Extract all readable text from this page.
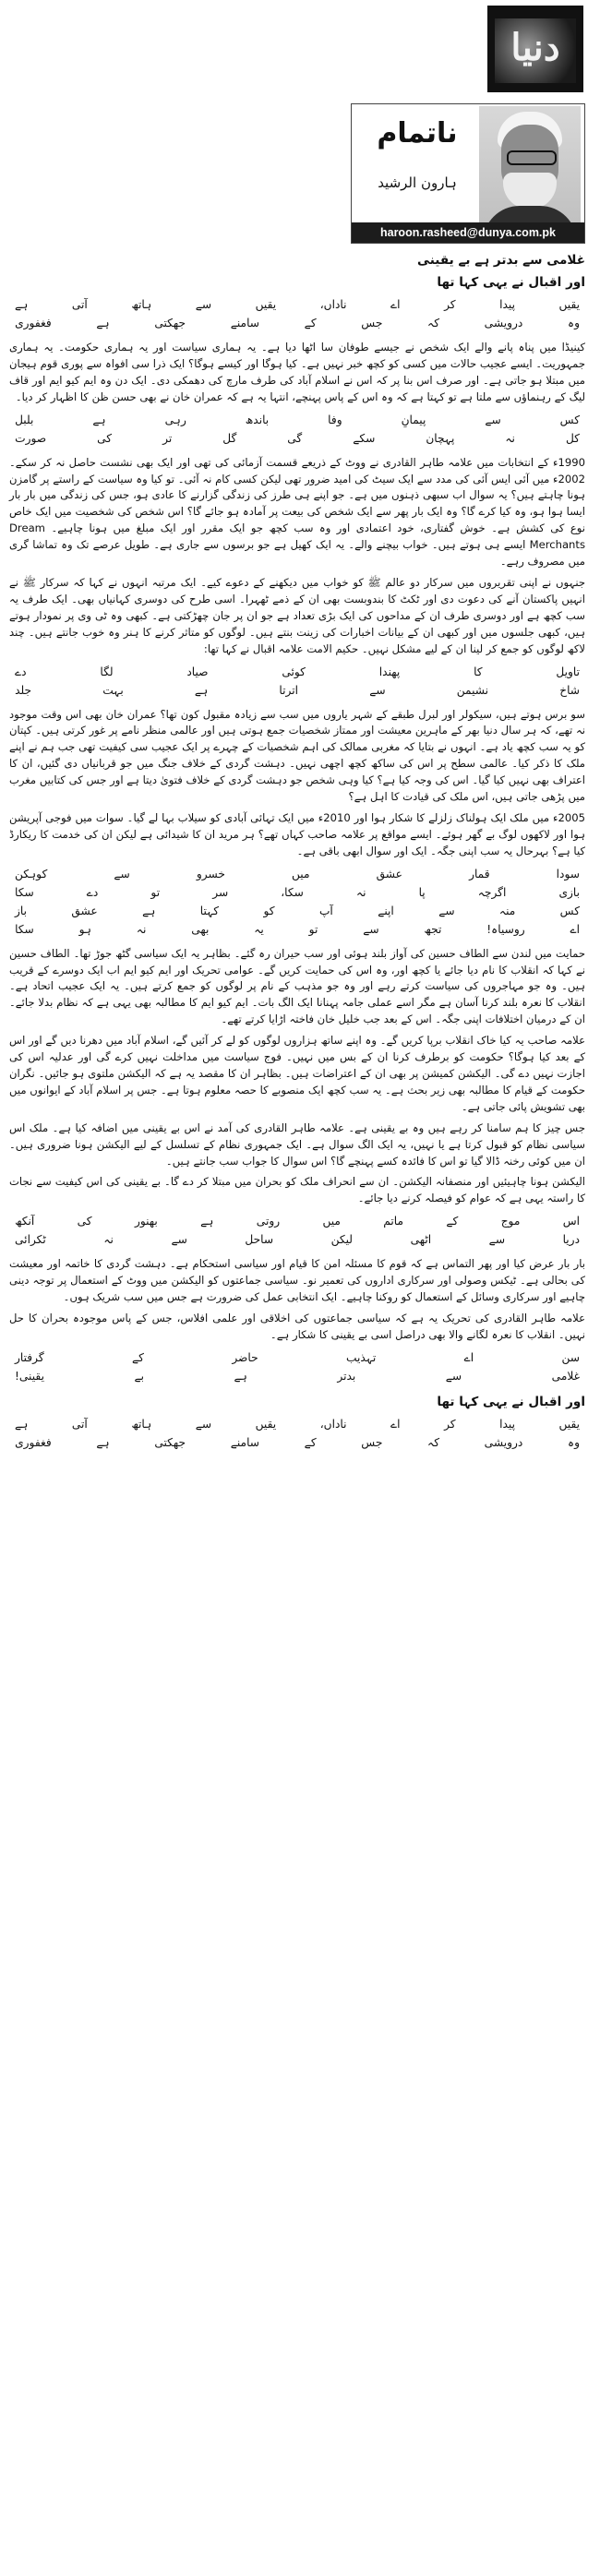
دنیا
ناتمام
ہارون الرشید
haroon.rasheed@dunya.com.pk
غلامی سے بدتر ہے بے یقینی
اور اقبال نے یہی کہا تھا
یقیں
پیدا
کر
اے
ناداں،
یقیں
سے
ہاتھ
آتی
ہے
وہ
درویشی
کہ
جس
کے
سامنے
جھکتی
ہے
فغفوری

کینیڈا میں پناہ پانے والے ایک شخص نے جیسے طوفان سا اٹھا دیا ہے۔ یہ ہماری سیاست اور یہ ہماری حکومت۔ یہ ہماری جمہوریت۔ ایسے عجیب حالات میں کسی کو کچھ خبر نہیں ہے۔ کیا ہوگا اور کیسے ہوگا؟ ایک ذرا سی افواہ سے پوری قوم ہیجان میں مبتلا ہو جاتی ہے۔ اور صرف اس بنا پر کہ اس نے اسلام آباد کی طرف مارچ کی دھمکی دی۔ ایک دن وہ ایم کیو ایم اور قاف لیگ کے رہنماؤں سے ملتا ہے تو کہتا ہے کہ وہ اس کے پاس پہنچے، انتہا یہ ہے کہ عمران خان نے بھی حسن ظن کا اظہار کر دیا۔

کس
سے
پیمانِ
وفا
باندھ
رہی
ہے
بلبل
کل
نہ
پہچان
سکے
گی
گل
تر
کی
صورت

1990ء کے انتخابات میں علامہ طاہر القادری نے ووٹ کے ذریعے قسمت آزمائی کی تھی اور ایک بھی نشست حاصل نہ کر سکے۔ 2002ء میں آئی ایس آئی کی مدد سے ایک سیٹ کی امید ضرور تھی لیکن کسی کام نہ آئی۔ تو کیا وہ سیاست کے راستے پر گامزن ہونا چاہتے ہیں؟ یہ سوال اب سبھی ذہنوں میں ہے۔ جو اپنے ہی طرز کی زندگی گزارنے کا عادی ہو، جس کی زندگی میں بار بار ایسا ہوا ہو، وہ کیا کرے گا؟ وہ ایک بار پھر سے ایک شخص کی بیعت پر آمادہ ہو جائے گا؟ اس شخص کی شخصیت میں ایک خاص نوع کی کشش ہے۔ خوش گفتاری، خود اعتمادی اور وہ سب کچھ جو ایک مقرر اور ایک مبلغ میں ہونا چاہیے۔ Dream Merchants ایسے ہی ہوتے ہیں۔ خواب بیچنے والے۔ یہ ایک کھیل ہے جو برسوں سے جاری ہے۔ طویل عرصے تک وہ تماشا گری میں مصروف رہے۔

جنہوں نے اپنی تقریروں میں سرکار دو عالم ﷺ کو خواب میں دیکھنے کے دعوے کیے۔ ایک مرتبہ انہوں نے کہا کہ سرکار ﷺ نے انہیں پاکستان آنے کی دعوت دی اور ٹکٹ کا بندوبست بھی ان کے ذمے ٹھہرا۔ اسی طرح کی دوسری کہانیاں بھی۔ ایک طرف یہ سب کچھ ہے اور دوسری طرف ان کے مداحوں کی ایک بڑی تعداد ہے جو ان پر جان چھڑکتی ہے۔ کبھی وہ ٹی وی پر نمودار ہوتے ہیں، کبھی جلسوں میں اور کبھی ان کے بیانات اخبارات کی زینت بنتے ہیں۔ لوگوں کو متاثر کرنے کا ہنر وہ خوب جانتے ہیں۔ چند لاکھ لوگوں کو جمع کر لینا ان کے لیے مشکل نہیں۔ حکیم الامت علامہ اقبال نے کہا تھا:

تاویل
کا
پھندا
کوئی
صیاد
لگا
دے
شاخ
نشیمن
سے
اترتا
ہے
بہت
جلد

سو برس ہوتے ہیں، سیکولر اور لبرل طبقے کے شہر یاروں میں سب سے زیادہ مقبول کون تھا؟ عمران خان بھی اس وقت موجود نہ تھے، کہ ہر سال دنیا بھر کے ماہرین معیشت اور ممتاز شخصیات جمع ہوتی ہیں اور عالمی منظر نامے پر غور کرتی ہیں۔ کپتان کو یہ سب کچھ یاد ہے۔ انہوں نے بتایا کہ مغربی ممالک کی اہم شخصیات کے چہرے پر ایک عجیب سی کیفیت تھی جب ہم نے اپنے ملک کا ذکر کیا۔ عالمی سطح پر اس کی ساکھ کچھ اچھی نہیں۔ دہشت گردی کے خلاف جنگ میں جو قربانیاں دی گئیں، ان کا اعتراف بھی نہیں کیا گیا۔ اس کی وجہ کیا ہے؟ کیا وہی شخص جو دہشت گردی کے خلاف فتویٰ دیتا ہے اور جس کی کتابیں مغرب میں پڑھی جاتی ہیں، اس ملک کی قیادت کا اہل ہے؟

2005ء میں ملک ایک ہولناک زلزلے کا شکار ہوا اور 2010ء میں ایک تہائی آبادی کو سیلاب بہا لے گیا۔ سوات میں فوجی آپریشن ہوا اور لاکھوں لوگ بے گھر ہوئے۔ ایسے مواقع پر علامہ صاحب کہاں تھے؟ ہر مرید ان کا شیدائی ہے لیکن ان کی خدمت کا ریکارڈ کیا ہے؟ بہرحال یہ سب اپنی جگہ۔ ایک اور سوال ابھی باقی ہے۔

سودا
قمار
عشق
میں
خسرو
سے
کوہکن
بازی
اگرچہ
پا
نہ
سکا،
سر
تو
دے
سکا
کس
منہ
سے
اپنے
آپ
کو
کہتا
ہے
عشق
باز
اے
روسیاہ!
تجھ
سے
تو
یہ
بھی
نہ
ہو
سکا

حمایت میں لندن سے الطاف حسین کی آواز بلند ہوئی اور سب حیران رہ گئے۔ بظاہر یہ ایک سیاسی گٹھ جوڑ تھا۔ الطاف حسین نے کہا کہ انقلاب کا نام دیا جائے یا کچھ اور، وہ اس کی حمایت کریں گے۔ عوامی تحریک اور ایم کیو ایم اب ایک دوسرے کے قریب ہیں۔ وہ جو مہاجروں کی سیاست کرتے رہے اور وہ جو مذہب کے نام پر لوگوں کو جمع کرتے ہیں۔ یہ ایک عجیب اتحاد ہے۔ انقلاب کا نعرہ بلند کرنا آسان ہے مگر اسے عملی جامہ پہنانا ایک الگ بات۔ ایم کیو ایم کا مطالبہ بھی یہی ہے کہ نظام بدلا جائے۔ ان کے درمیان اختلافات اپنی جگہ۔ اس کے بعد جب خلیل خان فاختہ اڑایا کرتے تھے۔

علامہ صاحب یہ کیا خاک انقلاب برپا کریں گے۔ وہ اپنے ساتھ ہزاروں لوگوں کو لے کر آئیں گے، اسلام آباد میں دھرنا دیں گے اور اس کے بعد کیا ہوگا؟ حکومت کو برطرف کرنا ان کے بس میں نہیں۔ فوج سیاست میں مداخلت نہیں کرے گی اور عدلیہ اس کی اجازت نہیں دے گی۔ الیکشن کمیشن پر بھی ان کے اعتراضات ہیں۔ بظاہر ان کا مقصد یہ ہے کہ الیکشن ملتوی ہو جائیں۔ نگران حکومت کے قیام کا مطالبہ بھی زیر بحث ہے۔ یہ سب کچھ ایک منصوبے کا حصہ معلوم ہوتا ہے۔ جس پر اسلام آباد کے ایوانوں میں بھی تشویش پائی جاتی ہے۔

جس چیز کا ہم سامنا کر رہے ہیں وہ بے یقینی ہے۔ علامہ طاہر القادری کی آمد نے اس بے یقینی میں اضافہ کیا ہے۔ ملک اس سیاسی نظام کو قبول کرتا ہے یا نہیں، یہ ایک الگ سوال ہے۔ ایک جمہوری نظام کے تسلسل کے لیے الیکشن ہونا ضروری ہیں۔ ان میں کوئی رخنہ ڈالا گیا تو اس کا فائدہ کسے پہنچے گا؟ اس سوال کا جواب سب جانتے ہیں۔

الیکشن ہونا چاہیئیں اور منصفانہ الیکشن۔ ان سے انحراف ملک کو بحران میں مبتلا کر دے گا۔ بے یقینی کی اس کیفیت سے نجات کا راستہ یہی ہے کہ عوام کو فیصلہ کرنے دیا جائے۔

اس
موج
کے
ماتم
میں
روتی
ہے
بھنور
کی
آنکھ
دریا
سے
اٹھی
لیکن
ساحل
سے
نہ
ٹکرائی

بار بار عرض کیا اور پھر التماس ہے کہ قوم کا مسئلہ امن کا قیام اور سیاسی استحکام ہے۔ دہشت گردی کا خاتمہ اور معیشت کی بحالی ہے۔ ٹیکس وصولی اور سرکاری اداروں کی تعمیر نو۔ سیاسی جماعتوں کو الیکشن میں ووٹ کے استعمال پر توجہ دینی چاہیے اور سرکاری وسائل کے استعمال کو روکنا چاہیے۔ ایک انتخابی عمل کی ضرورت ہے جس میں سب شریک ہوں۔

علامہ طاہر القادری کی تحریک یہ ہے کہ سیاسی جماعتوں کی اخلاقی اور علمی افلاس، جس کے پاس موجودہ بحران کا حل نہیں۔ انقلاب کا نعرہ لگانے والا بھی دراصل اسی بے یقینی کا شکار ہے۔

سن
اے
تہذیب
حاضر
کے
گرفتار
غلامی
سے
بدتر
ہے
بے
یقینی!
اور اقبال نے یہی کہا تھا
یقیں
پیدا
کر
اے
ناداں،
یقیں
سے
ہاتھ
آتی
ہے
وہ
درویشی
کہ
جس
کے
سامنے
جھکتی
ہے
فغفوری
